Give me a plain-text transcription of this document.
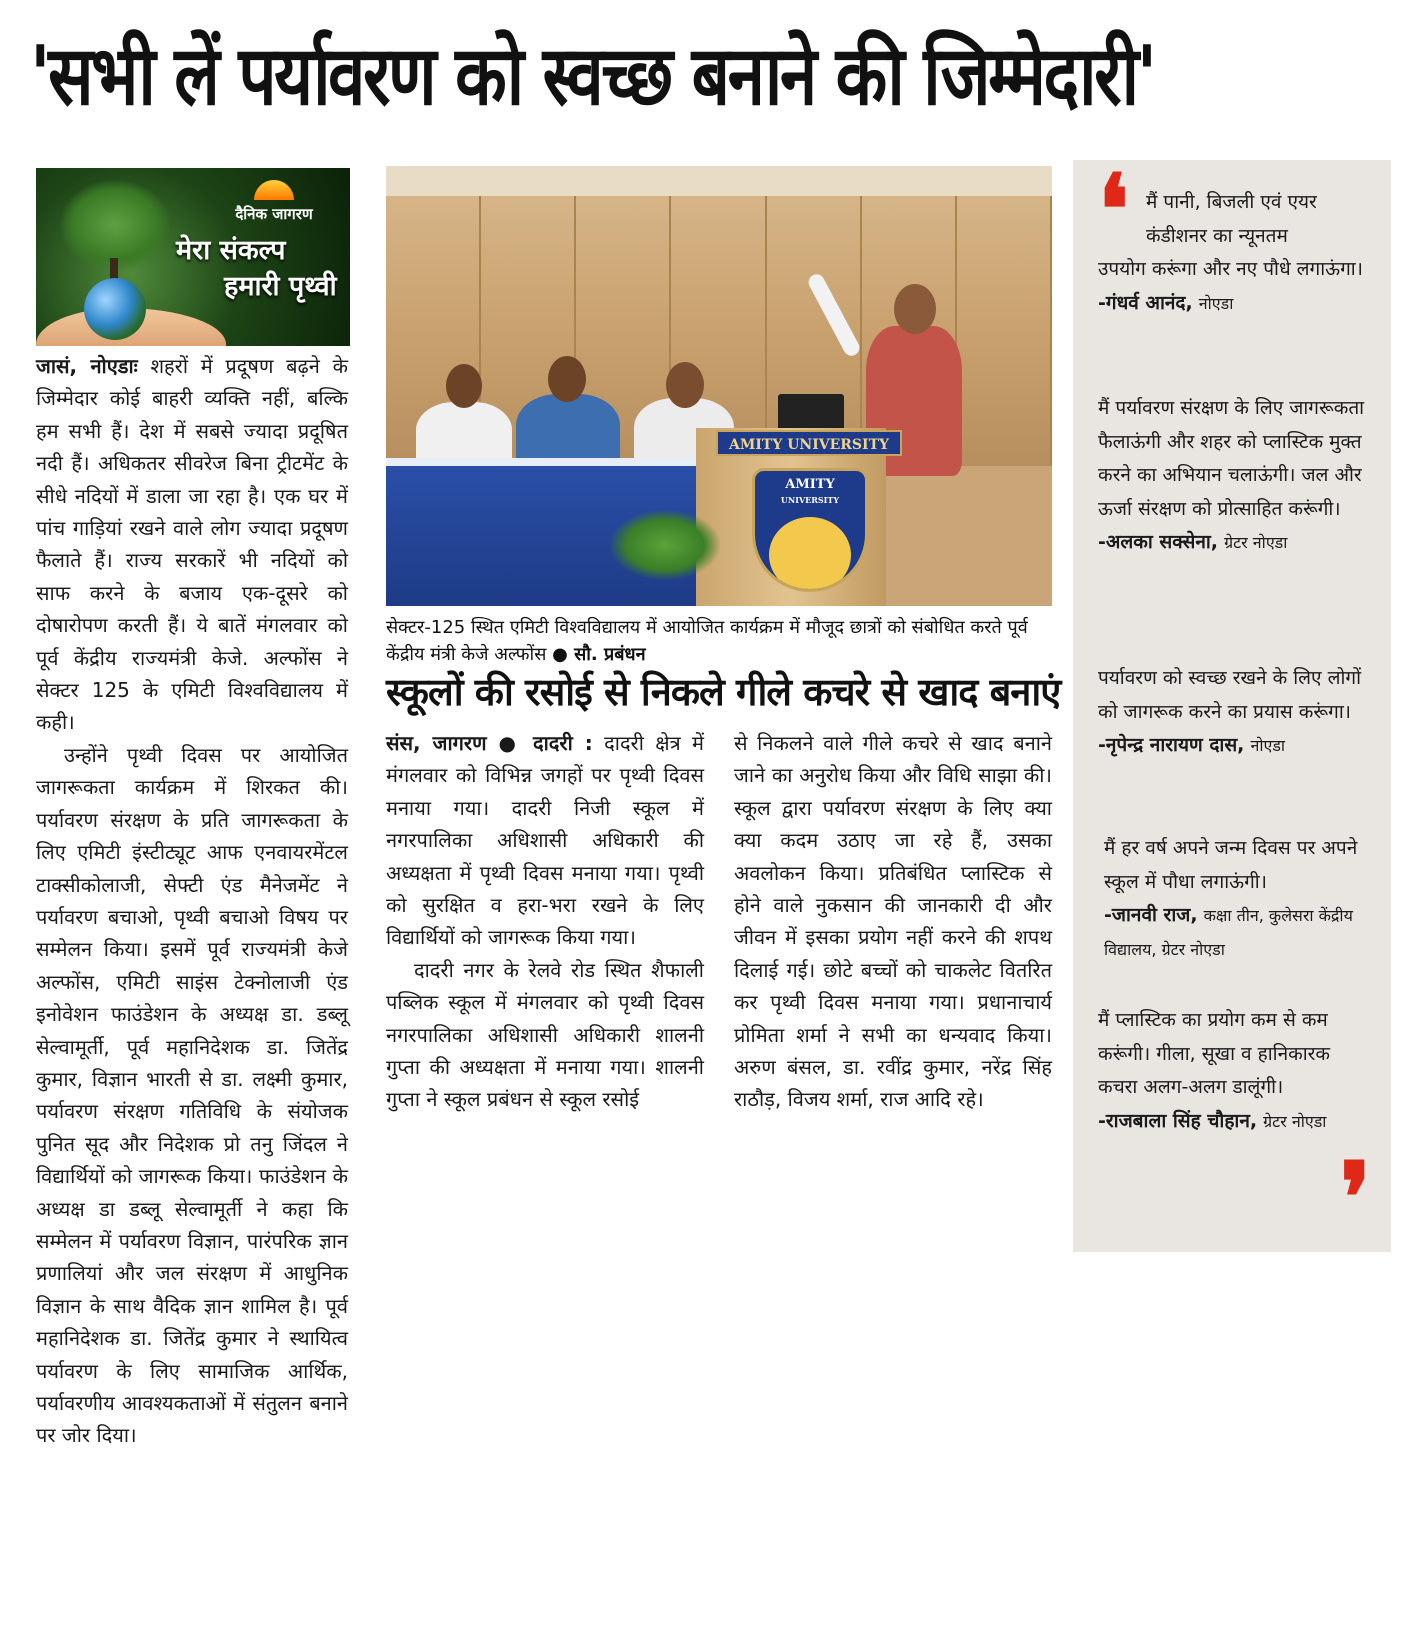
'सभी लें पर्यावरण को स्वच्छ बनाने की जिम्मेदारी'
दैनिक जागरण
मेरा संकल्प
हमारी पृथ्वी

जासं, नोएडाः शहरों में प्रदूषण बढ़ने के जिम्मेदार कोई बाहरी व्यक्ति नहीं, बल्कि हम सभी हैं। देश में सबसे ज्यादा प्रदूषित नदी हैं। अधिकतर सीवरेज बिना ट्रीटमेंट के सीधे नदियों में डाला जा रहा है। एक घर में पांच गाड़ियां रखने वाले लोग ज्यादा प्रदूषण फैलाते हैं। राज्य सरकारें भी नदियों को साफ करने के बजाय एक-दूसरे को दोषारोपण करती हैं। ये बातें मंगलवार को पूर्व केंद्रीय राज्यमंत्री केजे. अल्फोंस ने सेक्टर 125 के एमिटी विश्वविद्यालय में कही।

उन्होंने पृथ्वी दिवस पर आयोजित जागरूकता कार्यक्रम में शिरकत की। पर्यावरण संरक्षण के प्रति जागरूकता के लिए एमिटी इंस्टीट्यूट आफ एनवायरमेंटल टाक्सीकोलाजी, सेफ्टी एंड मैनेजमेंट ने पर्यावरण बचाओ, पृथ्वी बचाओ विषय पर सम्मेलन किया। इसमें पूर्व राज्यमंत्री केजे अल्फोंस, एमिटी साइंस टेक्नोलाजी एंड इनोवेशन फाउंडेशन के अध्यक्ष डा. डब्लू सेल्वामूर्ती, पूर्व महानिदेशक डा. जितेंद्र कुमार, विज्ञान भारती से डा. लक्ष्मी कुमार, पर्यावरण संरक्षण गतिविधि के संयोजक पुनित सूद और निदेशक प्रो तनु जिंदल ने विद्यार्थियों को जागरूक किया। फाउंडेशन के अध्यक्ष डा डब्लू सेल्वामूर्ती ने कहा कि सम्मेलन में पर्यावरण विज्ञान, पारंपरिक ज्ञान प्रणालियां और जल संरक्षण में आधुनिक विज्ञान के साथ वैदिक ज्ञान शामिल है। पूर्व महानिदेशक डा. जितेंद्र कुमार ने स्थायित्व पर्यावरण के लिए सामाजिक आर्थिक, पर्यावरणीय आवश्यकताओं में संतुलन बनाने पर जोर दिया।

AMITY UNIVERSITY
AMITY
UNIVERSITY
सेक्टर-125 स्थित एमिटी विश्वविद्यालय में आयोजित कार्यक्रम में मौजूद छात्रों को संबोधित करते पूर्व केंद्रीय मंत्री केजे अल्फोंस ● सौ. प्रबंधन
स्कूलों की रसोई से निकले गीले कचरे से खाद बनाएं

संस, जागरण ● दादरी : दादरी क्षेत्र में मंगलवार को विभिन्न जगहों पर पृथ्वी दिवस मनाया गया। दादरी निजी स्कूल में नगरपालिका अधिशासी अधिकारी की अध्यक्षता में पृथ्वी दिवस मनाया गया। पृथ्वी को सुरक्षित व हरा-भरा रखने के लिए विद्यार्थियों को जागरूक किया गया।

दादरी नगर के रेलवे रोड स्थित शैफाली पब्लिक स्कूल में मंगलवार को पृथ्वी दिवस नगरपालिका अधिशासी अधिकारी शालनी गुप्ता की अध्यक्षता में मनाया गया। शालनी गुप्ता ने स्कूल प्रबंधन से स्कूल रसोई

से निकलने वाले गीले कचरे से खाद बनाने जाने का अनुरोध किया और विधि साझा की। स्कूल द्वारा पर्यावरण संरक्षण के लिए क्या क्या कदम उठाए जा रहे हैं, उसका अवलोकन किया। प्रतिबंधित प्लास्टिक से होने वाले नुकसान की जानकारी दी और जीवन में इसका प्रयोग नहीं करने की शपथ दिलाई गई। छोटे बच्चों को चाकलेट वितरित कर पृथ्वी दिवस मनाया गया। प्रधानाचार्य प्रोमिता शर्मा ने सभी का धन्यवाद किया। अरुण बंसल, डा. रवींद्र कुमार, नरेंद्र सिंह राठौड़, विजय शर्मा, राज आदि रहे।

❛ मैं पानी, बिजली एवं एयर
कंडीशनर का न्यूनतम
उपयोग करूंगा और नए पौधे लगाऊंगा।
-गंधर्व आनंद, नोएडा
मैं पर्यावरण संरक्षण के लिए जागरूकता फैलाऊंगी और शहर को प्लास्टिक मुक्त करने का अभियान चलाऊंगी। जल और ऊर्जा संरक्षण को प्रोत्साहित करूंगी।
-अलका सक्सेना, ग्रेटर नोएडा
पर्यावरण को स्वच्छ रखने के लिए लोगों को जागरूक करने का प्रयास करूंगा।
-नृपेन्द्र नारायण दास, नोएडा
मैं हर वर्ष अपने जन्म दिवस पर अपने स्कूल में पौधा लगाऊंगी।
-जानवी राज, कक्षा तीन, कुलेसरा केंद्रीय विद्यालय, ग्रेटर नोएडा
मैं प्लास्टिक का प्रयोग कम से कम करूंगी। गीला, सूखा व हानिकारक कचरा अलग-अलग डालूंगी।
-राजबाला सिंह चौहान, ग्रेटर नोएडा
❜
